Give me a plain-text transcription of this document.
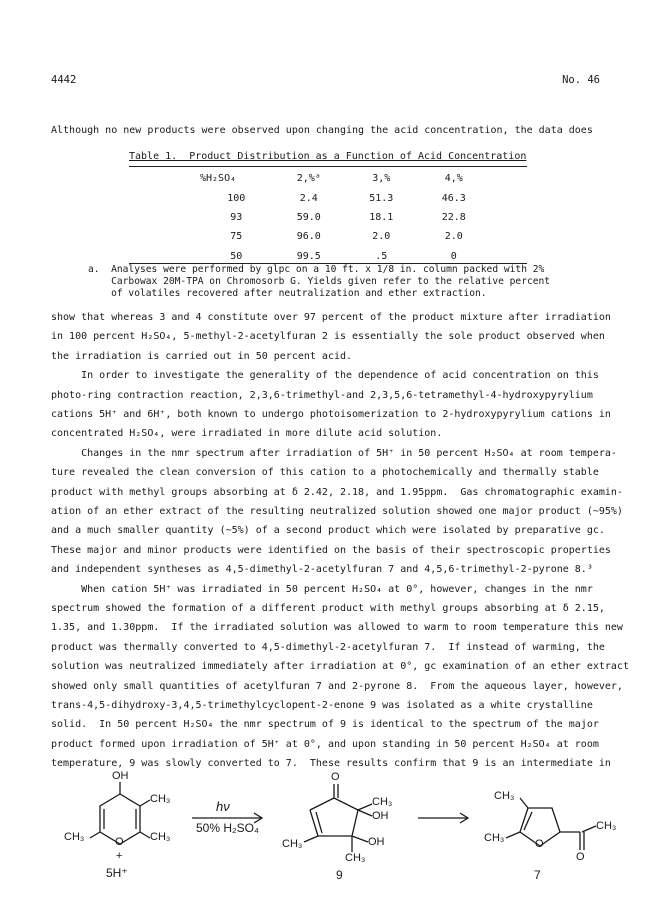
4442	No. 46
Although no new products were observed upon changing the acid concentration, the data does
Table 1.  Product Distribution as a Function of Acid Concentration
%H₂SO₄	2,%ᵃ	3,%	4,%
100	2.4	51.3	46.3
93	59.0	18.1	22.8
75	96.0	2.0	2.0
50	99.5	.5	0
a.  Analyses were performed by glpc on a 10 ft. x 1/8 in. column packed with 2%
Carbowax 20M-TPA on Chromosorb G. Yields given refer to the relative percent
of volatiles recovered after neutralization and ether extraction.
show that whereas 3 and 4 constitute over 97 percent of the product mixture after irradiation
in 100 percent H₂SO₄, 5-methyl-2-acetylfuran 2 is essentially the sole product observed when
the irradiation is carried out in 50 percent acid.
In order to investigate the generality of the dependence of acid concentration on this
photo-ring contraction reaction, 2,3,6-trimethyl-and 2,3,5,6-tetramethyl-4-hydroxypyrylium
cations 5H⁺ and 6H⁺, both known to undergo photoisomerization to 2-hydroxypyrylium cations in
concentrated H₂SO₄, were irradiated in more dilute acid solution.
Changes in the nmr spectrum after irradiation of 5H⁺ in 50 percent H₂SO₄ at room tempera-
ture revealed the clean conversion of this cation to a photochemically and thermally stable
product with methyl groups absorbing at δ 2.42, 2.18, and 1.95ppm.  Gas chromatographic examin-
ation of an ether extract of the resulting neutralized solution showed one major product (~95%)
and a much smaller quantity (~5%) of a second product which were isolated by preparative gc.
These major and minor products were identified on the basis of their spectroscopic properties
and independent syntheses as 4,5-dimethyl-2-acetylfuran 7 and 4,5,6-trimethyl-2-pyrone 8.³
When cation 5H⁺ was irradiated in 50 percent H₂SO₄ at 0°, however, changes in the nmr
spectrum showed the formation of a different product with methyl groups absorbing at δ 2.15,
1.35, and 1.30ppm.  If the irradiated solution was allowed to warm to room temperature this new
product was thermally converted to 4,5-dimethyl-2-acetylfuran 7.  If instead of warming, the
solution was neutralized immediately after irradiation at 0°, gc examination of an ether extract
showed only small quantities of acetylfuran 7 and 2-pyrone 8.  From the aqueous layer, however,
trans-4,5-dihydroxy-3,4,5-trimethylcyclopent-2-enone 9 was isolated as a white crystalline
solid.  In 50 percent H₂SO₄ the nmr spectrum of 9 is identical to the spectrum of the major
product formed upon irradiation of 5H⁺ at 0°, and upon standing in 50 percent H₂SO₄ at room
temperature, 9 was slowly converted to 7.  These results confirm that 9 is an intermediate in
OH
CH₃
CH₃
CH₃	O
+
5H⁺
hν
50% H₂SO₄
O
CH₃
OH
OH
CH₃
CH₃
9
CH₃
CH₃	O
O
CH₃
7
